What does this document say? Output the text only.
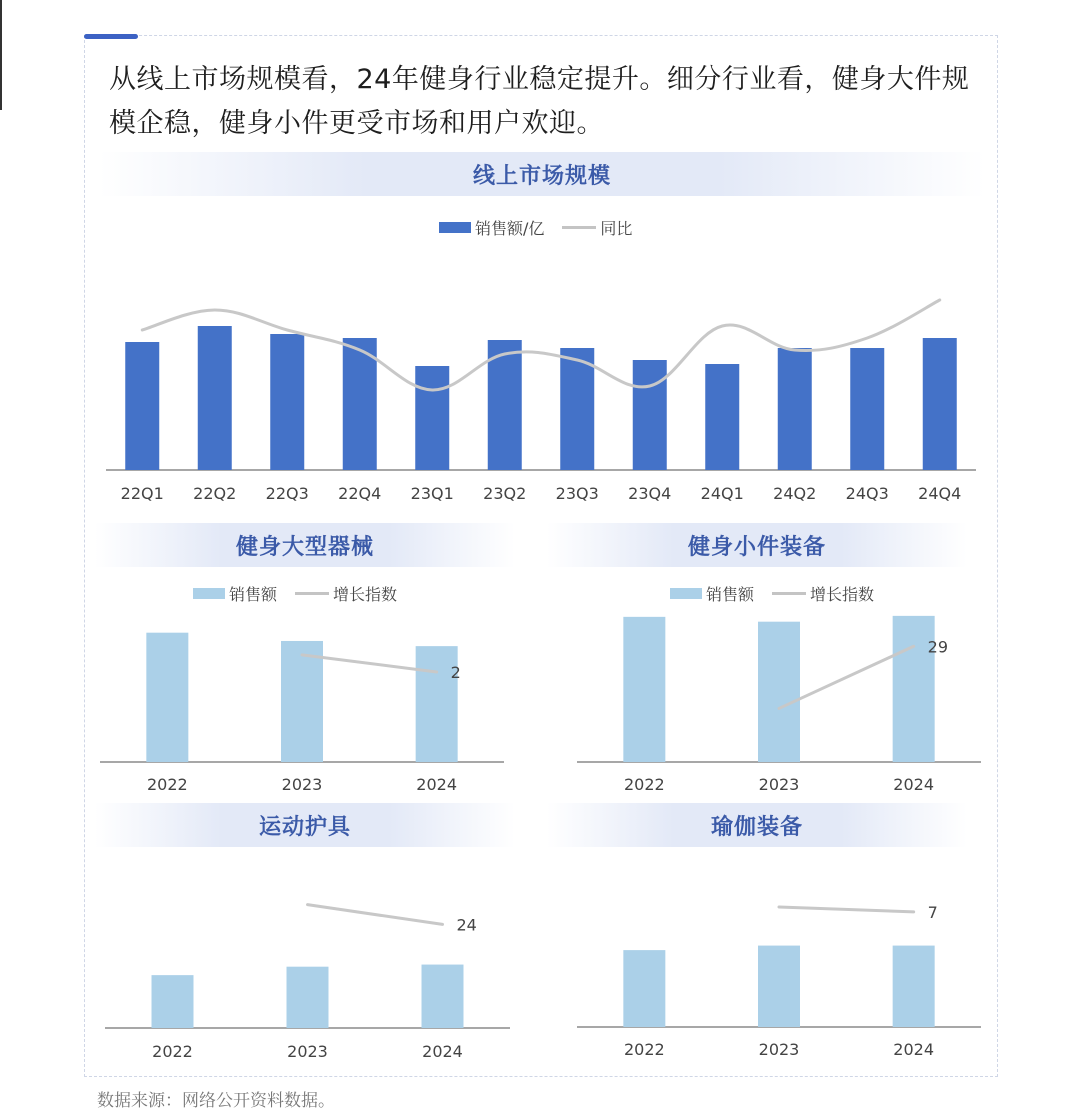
从线上市场规模看，24年健身行业稳定提升。细分行业看，健身大件规模企稳，健身小件更受市场和用户欢迎。
线上市场规模
销售额/亿	同比
健身大型器械
销售额	增长指数
健身小件装备
销售额	增长指数
运动护具	瑜伽装备
22Q1 22Q2 22Q3 22Q4 23Q1 23Q2 23Q3 23Q4 24Q1 24Q2 24Q3 24Q4
2022	2023	2024
2
2022	2023	2024
29
2022	2023	2024
24
2022	2023	2024
7
数据来源：网络公开资料数据。
